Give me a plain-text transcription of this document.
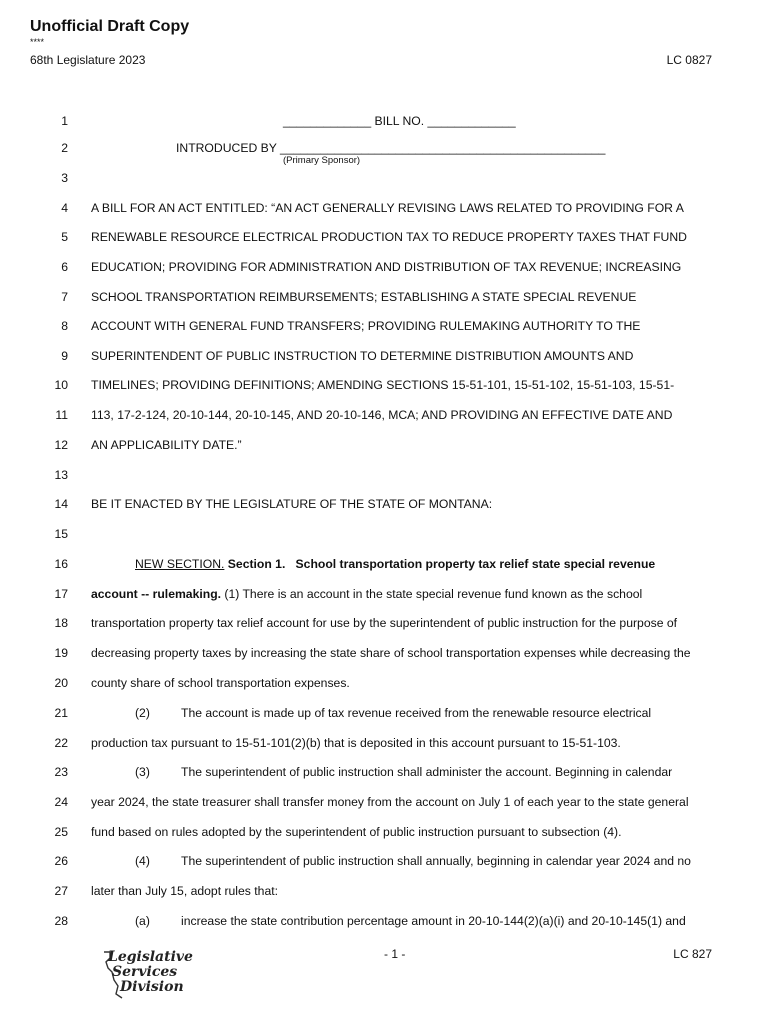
Unofficial Draft Copy
****
68th Legislature 2023	LC 0827
1	_____________ BILL NO. _____________
2	INTRODUCED BY ________________________________________________
(Primary Sponsor)
3
4 A BILL FOR AN ACT ENTITLED: “AN ACT GENERALLY REVISING LAWS RELATED TO PROVIDING FOR A
5 RENEWABLE RESOURCE ELECTRICAL PRODUCTION TAX TO REDUCE PROPERTY TAXES THAT FUND
6 EDUCATION; PROVIDING FOR ADMINISTRATION AND DISTRIBUTION OF TAX REVENUE; INCREASING
7 SCHOOL TRANSPORTATION REIMBURSEMENTS; ESTABLISHING A STATE SPECIAL REVENUE
8 ACCOUNT WITH GENERAL FUND TRANSFERS; PROVIDING RULEMAKING AUTHORITY TO THE
9 SUPERINTENDENT OF PUBLIC INSTRUCTION TO DETERMINE DISTRIBUTION AMOUNTS AND
10 TIMELINES; PROVIDING DEFINITIONS; AMENDING SECTIONS 15-51-101, 15-51-102, 15-51-103, 15-51-
11 113, 17-2-124, 20-10-144, 20-10-145, AND 20-10-146, MCA; AND PROVIDING AN EFFECTIVE DATE AND
12 AN APPLICABILITY DATE.”
13
14 BE IT ENACTED BY THE LEGISLATURE OF THE STATE OF MONTANA:
15
16	NEW SECTION. Section 1. School transportation property tax relief state special revenue
17 account -- rulemaking. (1) There is an account in the state special revenue fund known as the school
18 transportation property tax relief account for use by the superintendent of public instruction for the purpose of
19 decreasing property taxes by increasing the state share of school transportation expenses while decreasing the
20 county share of school transportation expenses.
21	(2)	The account is made up of tax revenue received from the renewable resource electrical
22 production tax pursuant to 15-51-101(2)(b) that is deposited in this account pursuant to 15-51-103.
23	(3)	The superintendent of public instruction shall administer the account. Beginning in calendar
24 year 2024, the state treasurer shall transfer money from the account on July 1 of each year to the state general
25 fund based on rules adopted by the superintendent of public instruction pursuant to subsection (4).
26	(4)	The superintendent of public instruction shall annually, beginning in calendar year 2024 and no
27 later than July 15, adopt rules that:
28	(a)	increase the state contribution percentage amount in 20-10-144(2)(a)(i) and 20-10-145(1) and
Legislative
Services
Division
- 1 -	LC 827
